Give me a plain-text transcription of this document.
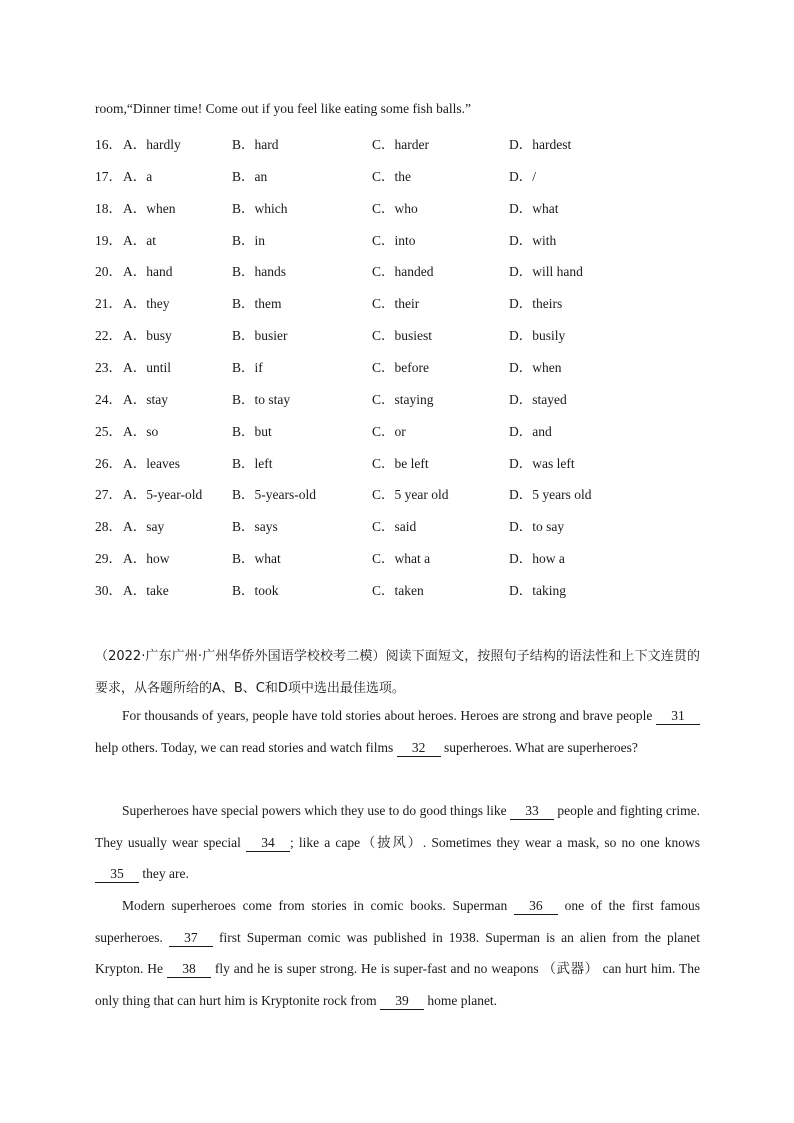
room,“Dinner time! Come out if you feel like eating some fish balls.”
16． A．hardly	B．hard	C．harder	D．hardest
17． A．a	B．an	C．the	D．/
18． A．when	B．which	C．who	D．what
19． A．at	B．in	C．into	D．with
20． A．hand	B．hands	C．handed	D．will hand
21． A．they	B．them	C．their	D．theirs
22． A．busy	B．busier	C．busiest	D．busily
23． A．until	B．if	C．before	D．when
24． A．stay	B．to stay	C．staying	D．stayed
25． A．so	B．but	C．or	D．and
26． A．leaves	B．left	C．be left	D．was left
27． A．5-year-old B．5-years-old	C．5 year old	D．5 years old
28． A．say	B．says	C．said	D．to say
29． A．how	B．what	C．what a	D．how a
30． A．take	B．took	C．taken	D．taking
（2022·广东广州·广州华侨外国语学校校考二模）阅读下面短文，按照句子结构的语法性和上下文连贯的要求，从各题所给的A、B、C和D项中选出最佳选项。
For thousands of years, people have told stories about heroes. Heroes are strong and brave people 31 help others. Today, we can read stories and watch films 32 superheroes. What are superheroes?
Superheroes have special powers which they use to do good things like 33 people and fighting crime. They usually wear special 34 ; like a cape（披风）. Sometimes they wear a mask, so no one knows 35 they are.
Modern superheroes come from stories in comic books. Superman 36 one of the first famous superheroes. 37 first Superman comic was published in 1938. Superman is an alien from the planet Krypton. He 38 fly and he is super strong. He is super-fast and no weapons （武器） can hurt him. The only thing that can hurt him is Kryptonite rock from 39 home planet.
